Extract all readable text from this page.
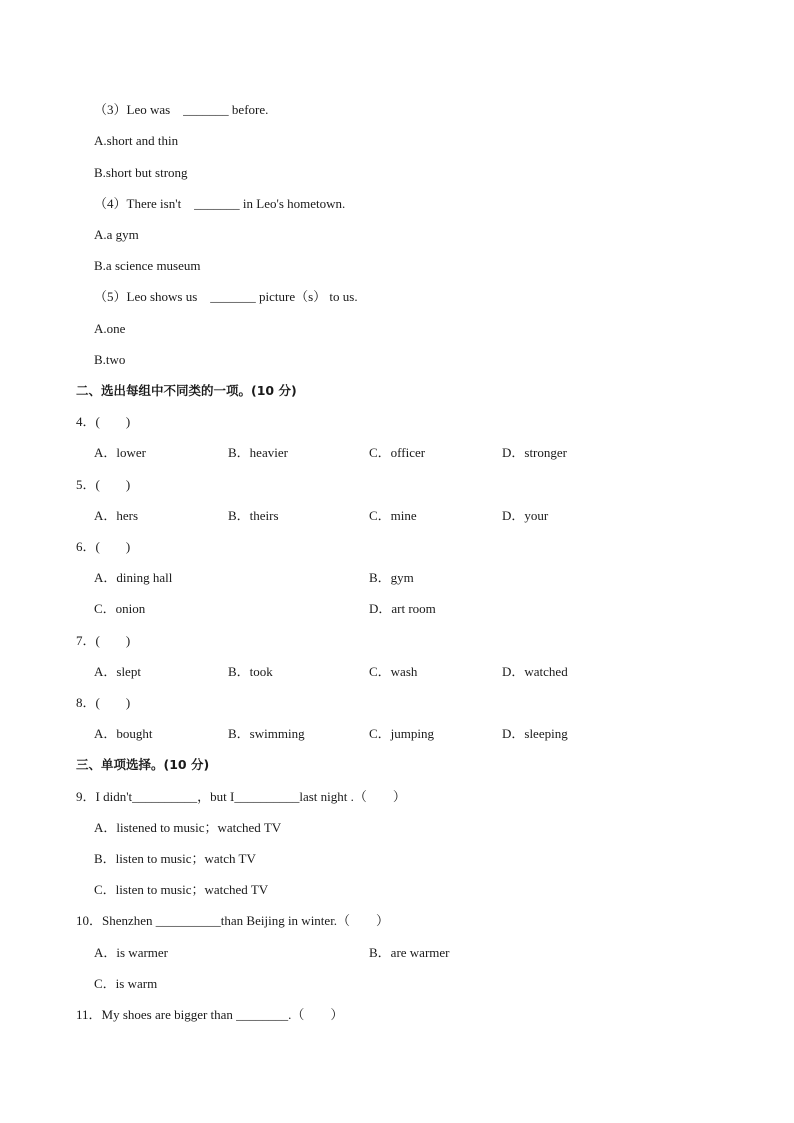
（3）Leo was　_______ before.
A.short and thin
B.short but strong
（4）There isn't　_______ in Leo's hometown.
A.a gym
B.a science museum
（5）Leo shows us　_______ picture（s） to us.
A.one
B.two
二、选出每组中不同类的一项。(10 分)
4．(　　)
A．lower	B．heavier	C．officer	D．stronger
5．(　　)
A．hers	B．theirs	C．mine	D．your
6．(　　)
A．dining hall	B．gym
C．onion	D．art room
7．(　　)
A．slept	B．took	C．wash	D．watched
8．(　　)
A．bought	B．swimming	C．jumping	D．sleeping
三、单项选择。(10 分)
9．I didn't__________，but I__________last night .（　　）
A．listened to music；watched TV
B．listen to music；watch TV
C．listen to music；watched TV
10．Shenzhen __________than Beijing in winter.（　　）
A．is warmer	B．are warmer
C．is warm
11．My shoes are bigger than ________.（　　）
